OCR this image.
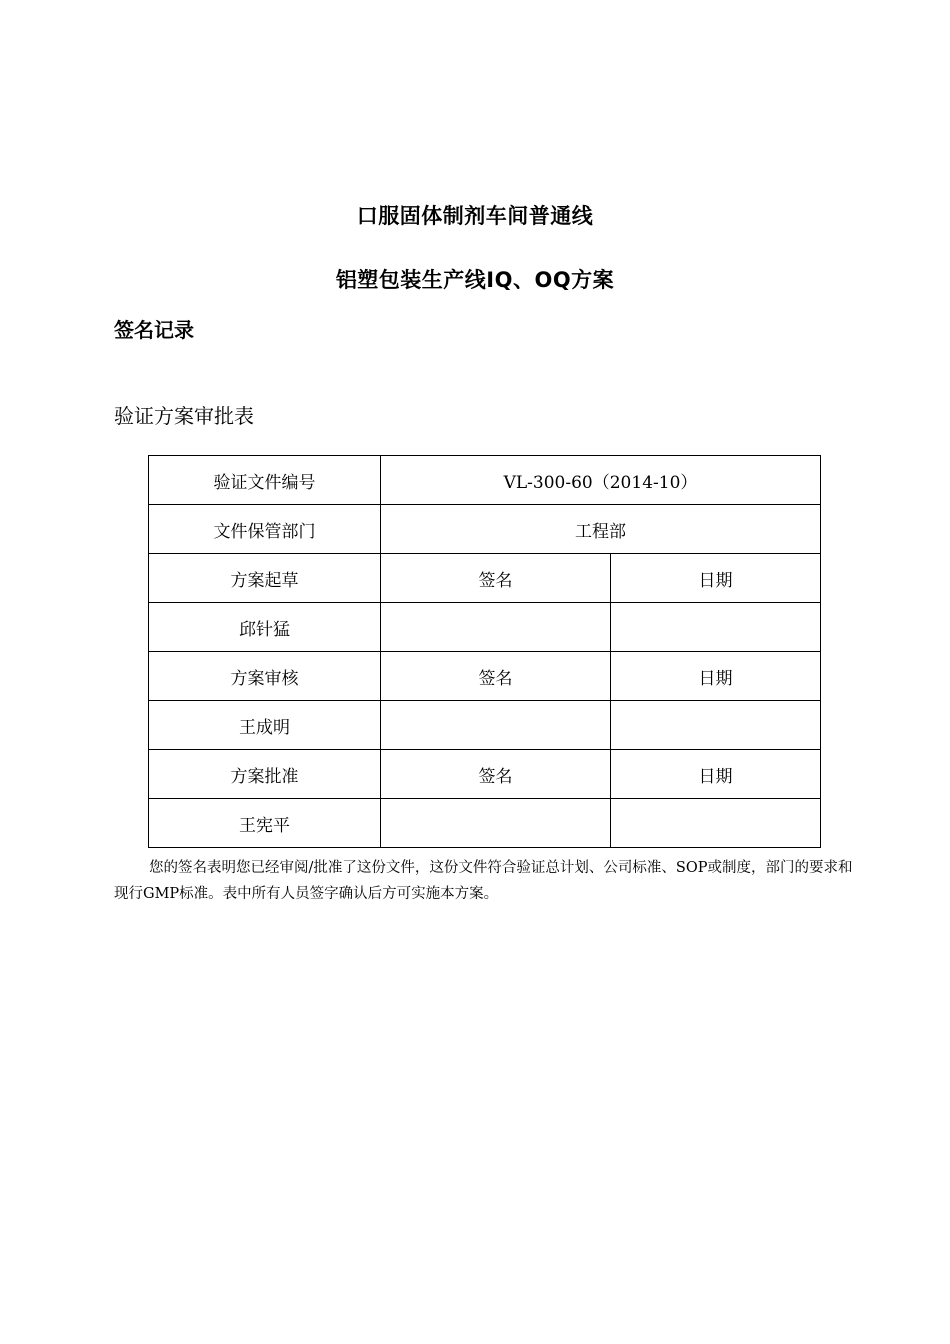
口服固体制剂车间普通线
铝塑包装生产线IQ、OQ方案
签名记录
验证方案审批表
验证文件编号	VL-300-60（2014-10）	
文件保管部门	工程部	
方案起草	签名	日期
邱针猛		
方案审核	签名	日期
王成明		
方案批准	签名	日期
王宪平		
您的签名表明您已经审阅/批准了这份文件，这份文件符合验证总计划、公司标准、SOP或制度，部门的要求和现行GMP标准。表中所有人员签字确认后方可实施本方案。
